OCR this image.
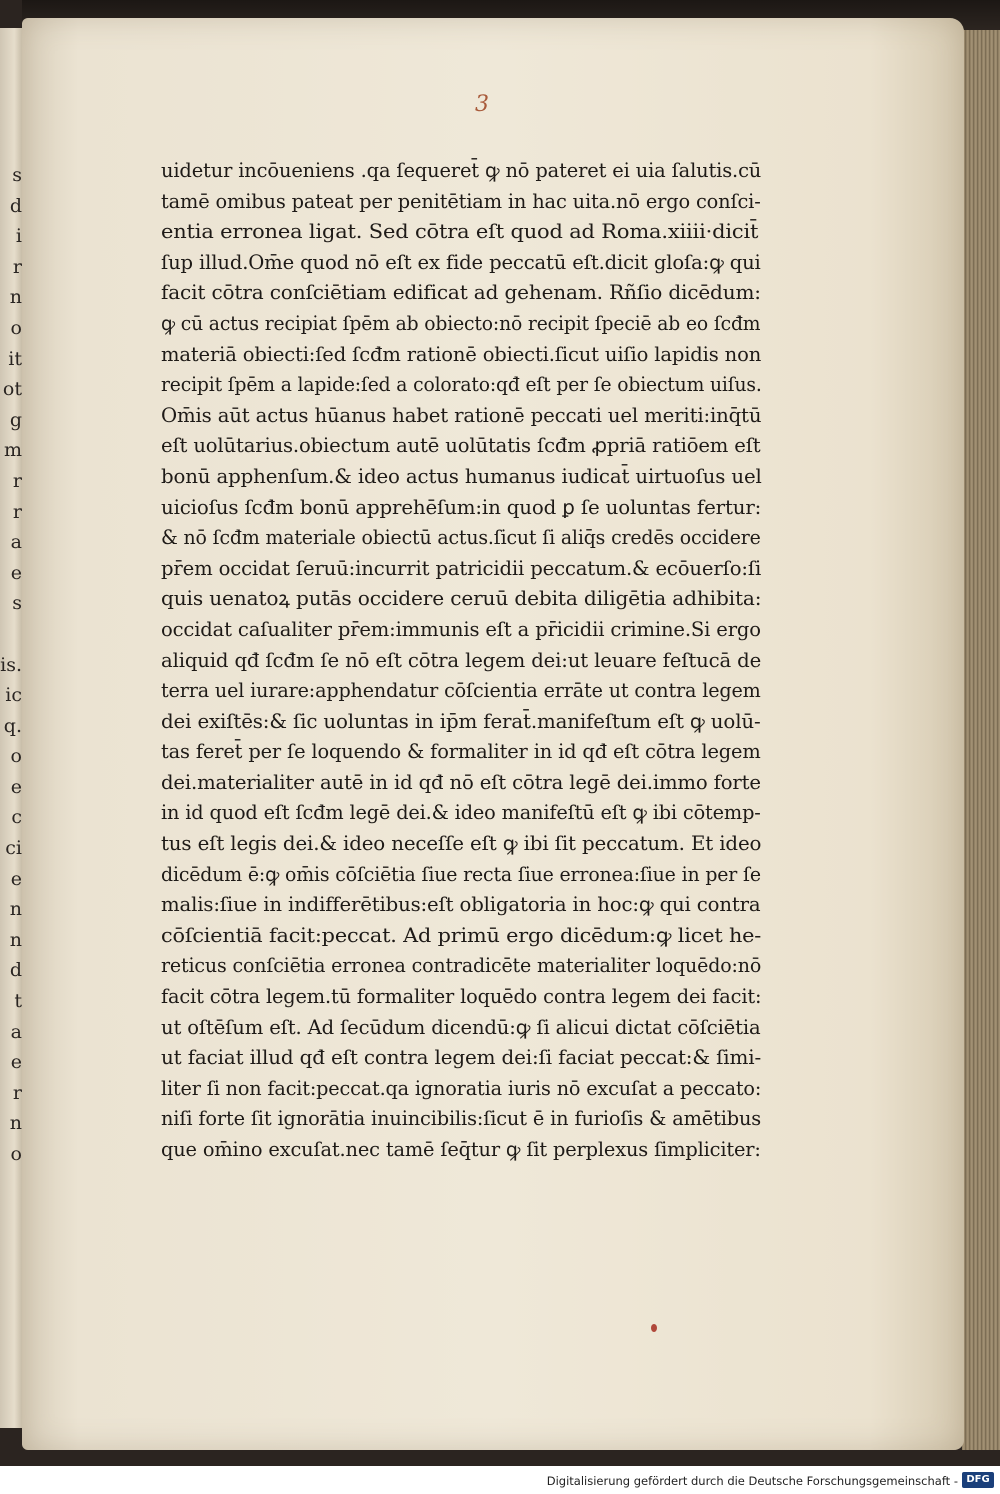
s
d
i
r
n
o
it
ot
g
m
r
r
a
e
s
is.
ic
q.
o
e
c
ci
e
n
n
d
t
a
e
r
n
o
3
uidetur incōueniens .qa ſequeret̄ ꝙ nō pateret ei uia ſalutis.cū
tamē omibus pateat per penitētiam in hac uita.nō ergo conſci-
entia erronea ligat. Sed cōtra eſt quod ad Roma.xiiii·dicit̄
ſup illud.Om̄e quod nō eſt ex fide peccatū eſt.dicit gloſa:ꝙ qui
facit cōtra conſciētiam edificat ad gehenam. Rñſio dicēdum:
ꝙ cū actus recipiat ſpēm ab obiecto:nō recipit ſpeciē ab eo ſcđm
materiā obiecti:ſed ſcđm rationē obiecti.ſicut uiſio lapidis non
recipit ſpēm a lapide:ſed a colorato:qđ eſt per ſe obiectum uiſus.
Om̄is aūt actus hūanus habet rationē peccati uel meriti:inq̄tū
eſt uolūtarius.obiectum autē uolūtatis ſcđm ꝓpriā ratiōem eſt
bonū apphenſum.& ideo actus humanus iudicat̄ uirtuoſus uel
uicioſus ſcđm bonū apprehēſum:in quod ꝑ ſe uoluntas fertur:
& nō ſcđm materiale obiectū actus.ſicut ſi aliq̄s credēs occidere
pr̄em occidat ſeruū:incurrit patricidii peccatum.& ecōuerſo:ſi
quis uenatoꝝ putās occidere ceruū debita diligētia adhibita:
occidat caſualiter pr̄em:immunis eſt a pr̄icidii crimine.Si ergo
aliquid qđ ſcđm ſe nō eſt cōtra legem dei:ut leuare feſtucā de
terra uel iurare:apphendatur cōſcientia errāte ut contra legem
dei exiſtēs:& ſic uoluntas in ip̄m ferat̄.manifeſtum eſt ꝙ uolū-
tas feret̄ per ſe loquendo & formaliter in id qđ eſt cōtra legem
dei.materialiter autē in id qđ nō eſt cōtra legē dei.immo forte
in id quod eſt ſcđm legē dei.& ideo manifeſtū eſt ꝙ ibi cōtemp-
tus eſt legis dei.& ideo neceſſe eſt ꝙ ibi ſit peccatum. Et ideo
dicēdum ē:ꝙ om̄is cōſciētia ſiue recta ſiue erronea:ſiue in per ſe
malis:ſiue in indifferētibus:eſt obligatoria in hoc:ꝙ qui contra
cōſcientiā facit:peccat. Ad primū ergo dicēdum:ꝙ licet he-
reticus conſciētia erronea contradicēte materialiter loquēdo:nō
facit cōtra legem.tū formaliter loquēdo contra legem dei facit:
ut oſtēſum eſt. Ad ſecūdum dicendū:ꝙ ſi alicui dictat cōſciētia
ut faciat illud qđ eſt contra legem dei:ſi faciat peccat:& ſimi-
liter ſi non facit:peccat.qa ignoratia iuris nō excuſat a peccato:
niſi forte ſit ignorātia inuincibilis:ſicut ē in furioſis & amētibus
que om̄ino excuſat.nec tamē ſeq̄tur ꝙ ſit perplexus ſimpliciter:
Digitalisierung gefördert durch die Deutsche Forschungsgemeinschaft - DFG
